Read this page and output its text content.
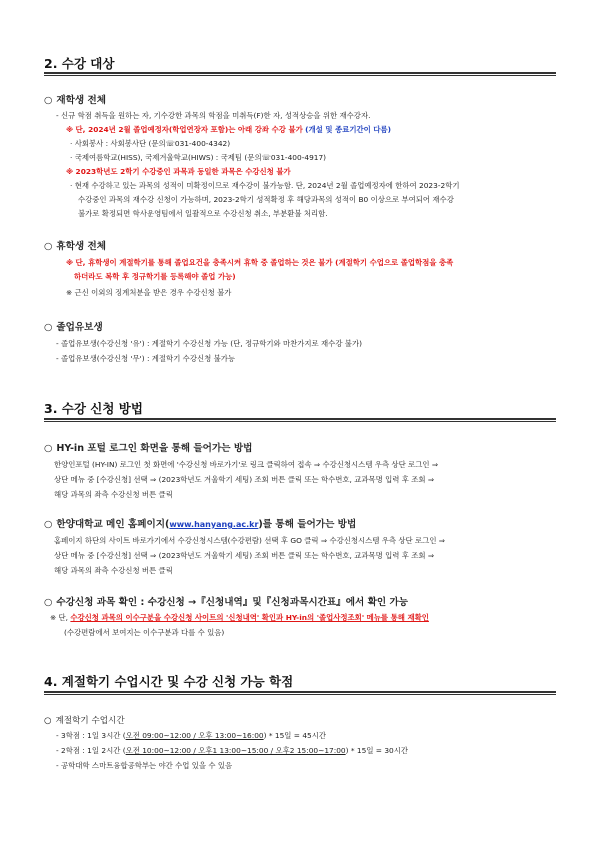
2. 수강 대상
○ 재학생 전체
- 신규 학점 취득을 원하는 자, 기수강한 과목의 학점을 미취득(F)한 자, 성적상승을 위한 재수강자.
※ 단, 2024년 2월 졸업예정자(학업연장자 포함)는 아래 강좌 수강 불가 (개설 및 종료기간이 다름)
· 사회봉사 : 사회봉사단 (문의☏031-400-4342)
· 국제여름학교(HISS), 국제겨울학교(HIWS) : 국제팀 (문의☏031-400-4917)
※ 2023학년도 2학기 수강중인 과목과 동일한 과목은 수강신청 불가
· 현재 수강하고 있는 과목의 성적이 미확정이므로 재수강이 불가능함. 단, 2024년 2월 졸업예정자에 한하여 2023-2학기
수강중인 과목의 재수강 신청이 가능하며, 2023-2학기 성적확정 후 해당과목의 성적이 B0 이상으로 부여되어 재수강
불가로 확정되면 학사운영팀에서 일괄적으로 수강신청 취소, 부분환불 처리함.
○ 휴학생 전체
※ 단, 휴학생이 계절학기를 통해 졸업요건을 충족시켜 휴학 중 졸업하는 것은 불가 (계절학기 수업으로 졸업학점을 충족
하더라도 복학 후 정규학기를 등록해야 졸업 가능)
※ 근신 이외의 징계처분을 받은 경우 수강신청 불가
○ 졸업유보생
- 졸업유보생(수강신청 '유') : 계절학기 수강신청 가능 (단, 정규학기와 마찬가지로 재수강 불가)
- 졸업유보생(수강신청 '무') : 계절학기 수강신청 불가능
3. 수강 신청 방법
○ HY-in 포털 로그인 화면을 통해 들어가는 방법
한양인포털 (HY-IN) 로그인 첫 화면에 '수강신청 바로가기'로 링크 클릭하여 접속 ⇒ 수강신청시스템 우측 상단 로그인 ⇒
상단 메뉴 중 [수강신청] 선택 ⇒ (2023학년도 겨울학기 세팅) 조회 버튼 클릭 또는 학수번호, 교과목명 입력 후 조회 ⇒
해당 과목의 좌측 수강신청 버튼 클릭
○ 한양대학교 메인 홈페이지(www.hanyang.ac.kr)를 통해 들어가는 방법
홈페이지 하단의 사이트 바로가기에서 수강신청시스템(수강편람) 선택 후 GO 클릭 ⇒ 수강신청시스템 우측 상단 로그인 ⇒
상단 메뉴 중 [수강신청] 선택 ⇒ (2023학년도 겨울학기 세팅) 조회 버튼 클릭 또는 학수번호, 교과목명 입력 후 조회 ⇒
해당 과목의 좌측 수강신청 버튼 클릭
○ 수강신청 과목 확인 : 수강신청 →『신청내역』및『신청과목시간표』에서 확인 가능
※ 단, 수강신청 과목의 이수구분을 수강신청 사이트의 '신청내역' 확인과 HY-in의 '졸업사정조회' 메뉴를 통해 재확인
(수강편람에서 보여지는 이수구분과 다를 수 있음)
4. 계절학기 수업시간 및 수강 신청 가능 학점
○ 계절학기 수업시간
- 3학점 : 1일 3시간 (오전 09:00~12:00 / 오후 13:00~16:00) * 15일 = 45시간
- 2학점 : 1일 2시간 (오전 10:00~12:00 / 오후1 13:00~15:00 / 오후2 15:00~17:00) * 15일 = 30시간
- 공학대학 스마트융합공학부는 야간 수업 있을 수 있음
